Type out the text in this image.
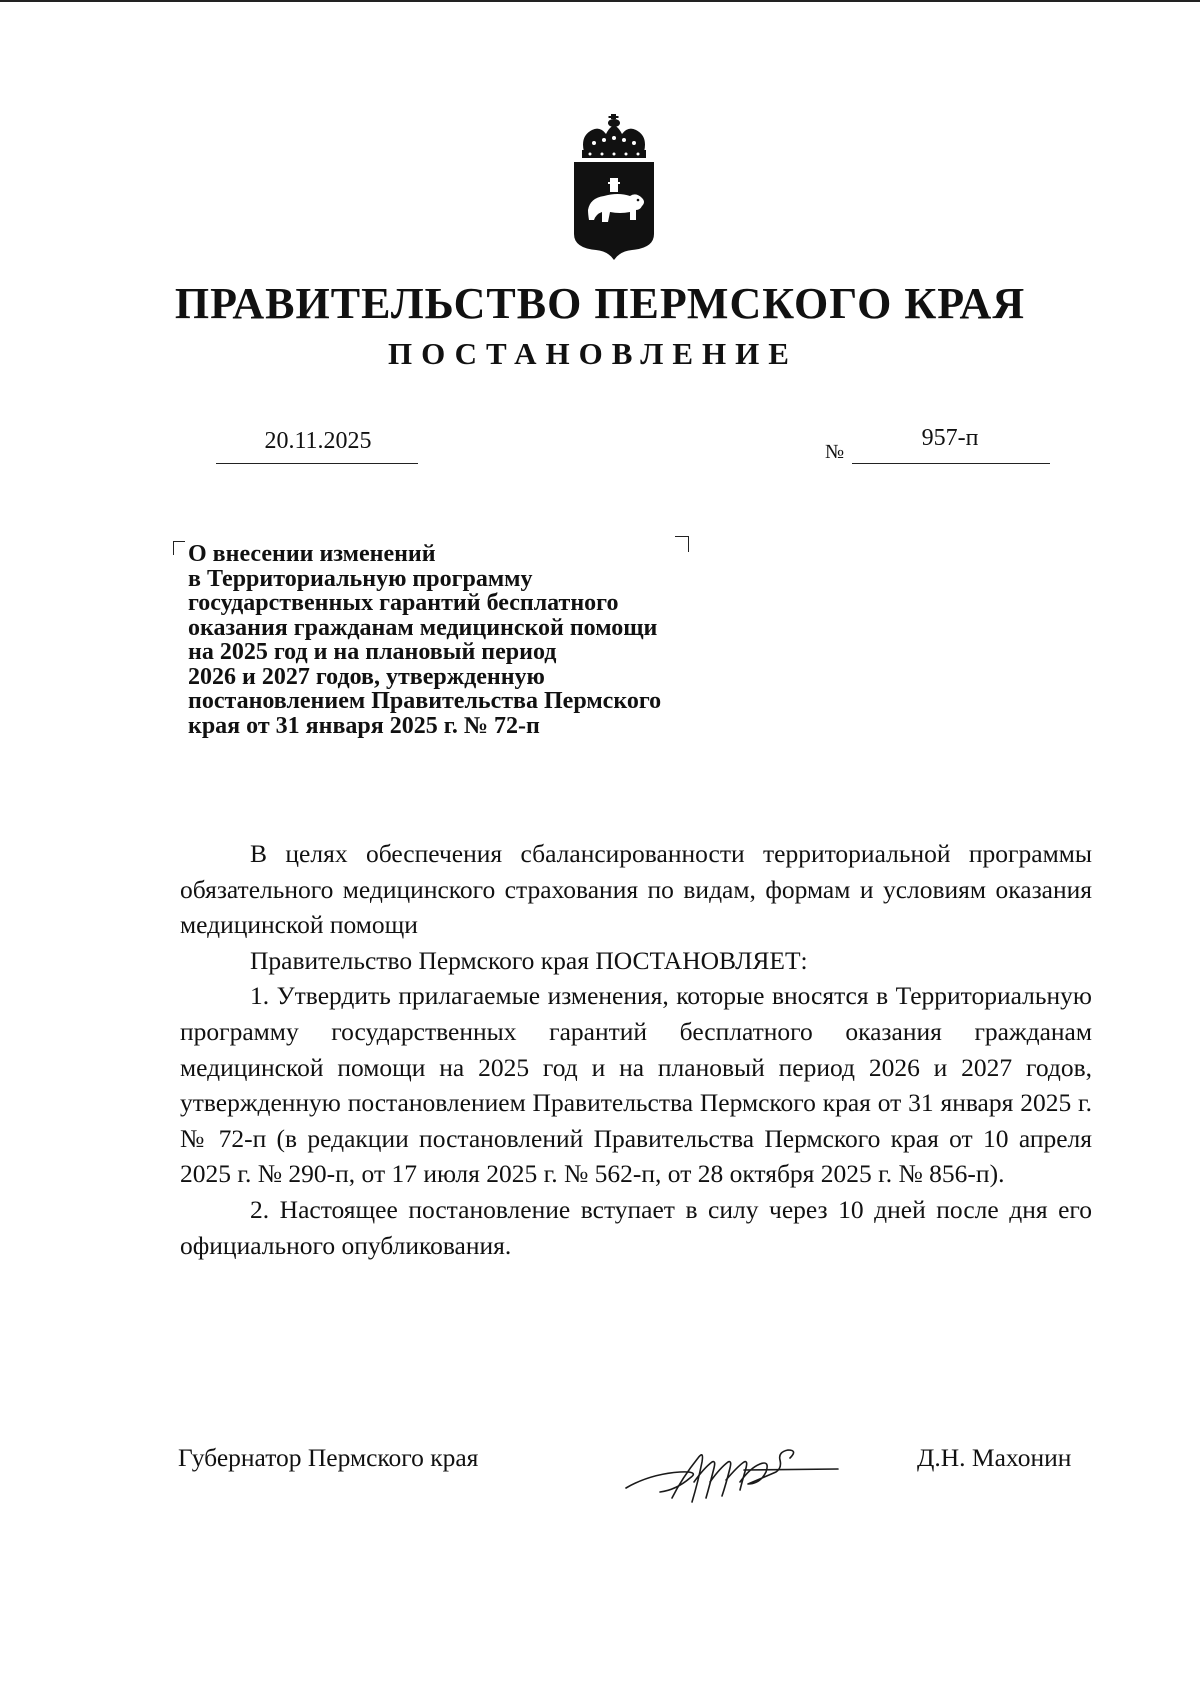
ПРАВИТЕЛЬСТВО ПЕРМСКОГО КРАЯ
ПОСТАНОВЛЕНИЕ
20.11.2025	№
957-п
О внесении изменений
в Территориальную программу
государственных гарантий бесплатного
оказания гражданам медицинской помощи
на 2025 год и на плановый период
2026 и 2027 годов, утвержденную
постановлением Правительства Пермского
края от 31 января 2025 г. № 72-п

В целях обеспечения сбалансированности территориальной программы обязательного медицинского страхования по видам, формам и условиям оказания медицинской помощи

Правительство Пермского края ПОСТАНОВЛЯЕТ:

1. Утвердить прилагаемые изменения, которые вносятся в Территориальную программу государственных гарантий бесплатного оказания гражданам медицинской помощи на 2025 год и на плановый период 2026 и 2027 годов, утвержденную постановлением Правительства Пермского края от 31 января 2025 г. № 72-п (в редакции постановлений Правительства Пермского края от 10 апреля 2025 г. № 290-п, от 17 июля 2025 г. № 562-п, от 28 октября 2025 г. № 856-п).

2. Настоящее постановление вступает в силу через 10 дней после дня его официального опубликования.

Губернатор Пермского края	Д.Н. Махонин
